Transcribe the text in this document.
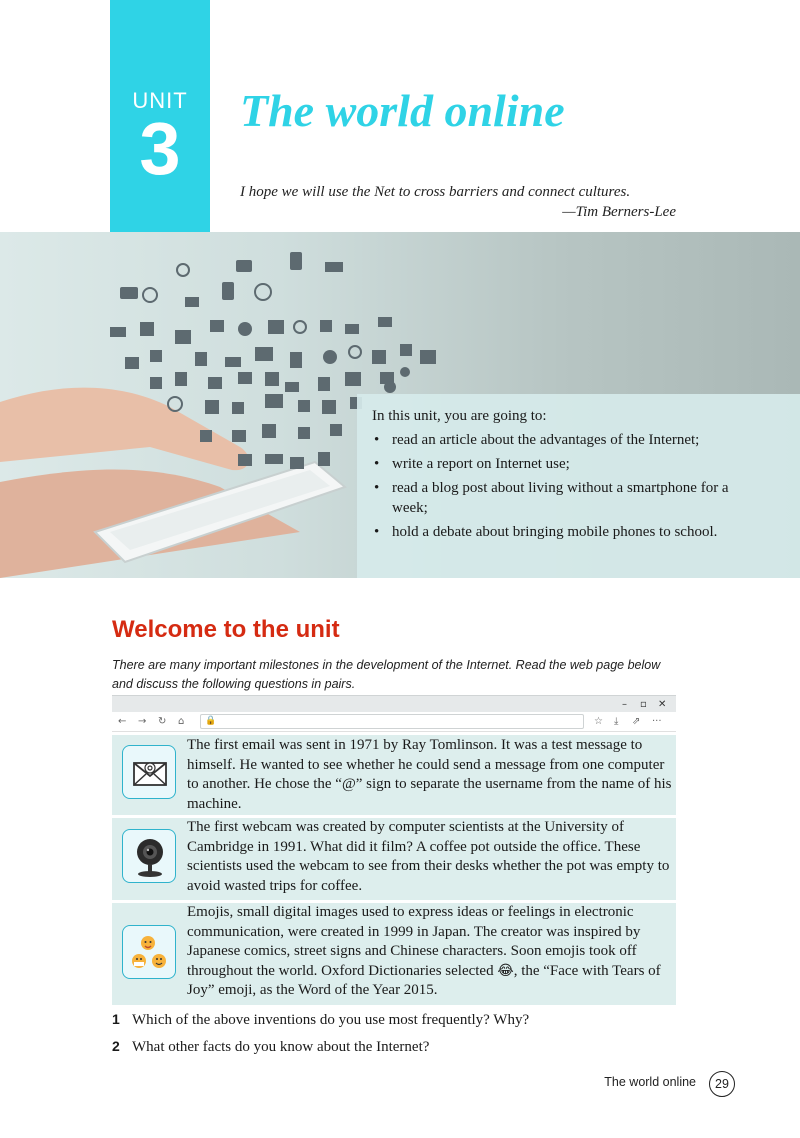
UNIT
3	The world online
I hope we will use the Net to cross barriers and connect cultures.
—Tim Berners-Lee
In this unit, you are going to:
• read an article about the advantages of the Internet;
• write a report on Internet use;
• read a blog post about living without a smartphone for a week;
• hold a debate about bringing mobile phones to school.
Welcome to the unit
There are many important milestones in the development of the Internet. Read the web page below and discuss the following questions in pairs.
– ▫ ✕
← → ↻ ⌂ 🔒	☆ ⤓ ⇗ ···
The first email was sent in 1971 by Ray Tomlinson. It was a test message to himself. He wanted to see whether he could send a message from one computer to another. He chose the “@” sign to separate the username from the name of his machine.
The first webcam was created by computer scientists at the University of Cambridge in 1991. What did it film? A coffee pot outside the office. These scientists used the webcam to see from their desks whether the pot was empty to avoid wasted trips for coffee.
Emojis, small digital images used to express ideas or feelings in electronic communication, were created in 1999 in Japan. The creator was inspired by Japanese comics, street signs and Chinese characters. Soon emojis took off throughout the world. Oxford Dictionaries selected 😂, the “Face with Tears of Joy” emoji, as the Word of the Year 2015.
1 Which of the above inventions do you use most frequently? Why?
2 What other facts do you know about the Internet?
The world online	29
